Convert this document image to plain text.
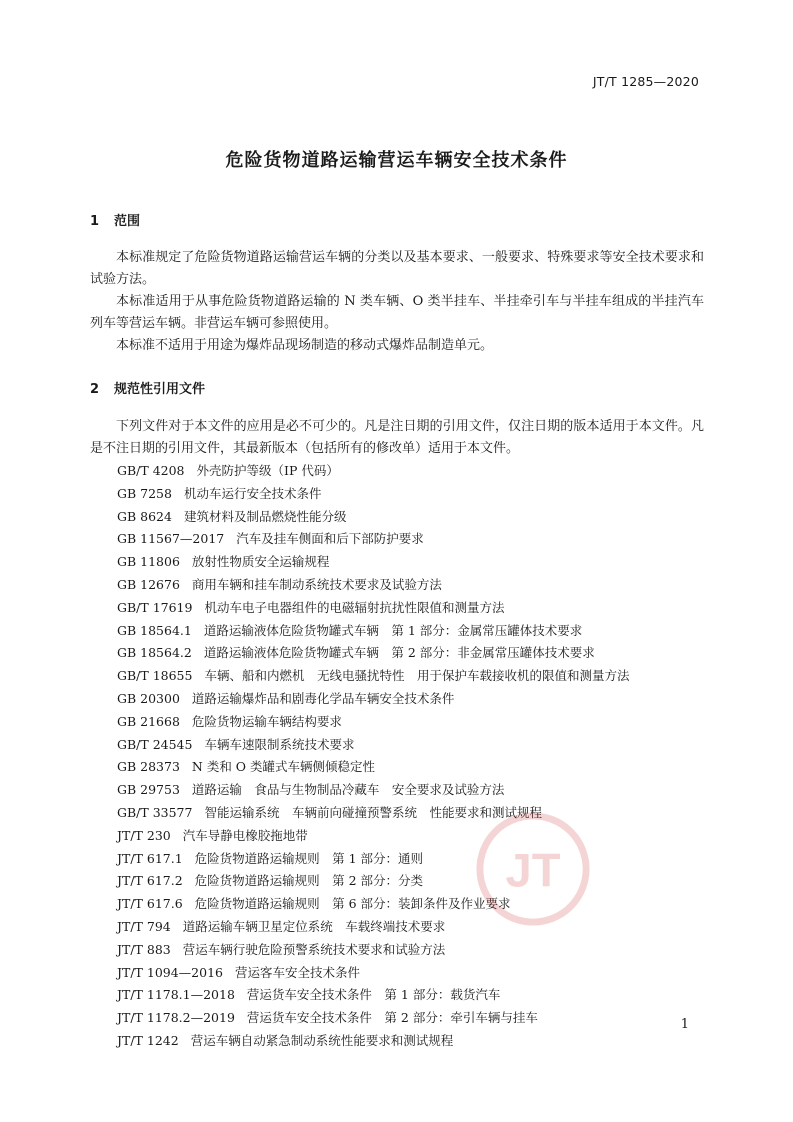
JT/T 1285—2020
危险货物道路运输营运车辆安全技术条件
1 范围

本标准规定了危险货物道路运输营运车辆的分类以及基本要求、一般要求、特殊要求等安全技术要求和试验方法。

本标准适用于从事危险货物道路运输的 N 类车辆、O 类半挂车、半挂牵引车与半挂车组成的半挂汽车列车等营运车辆。非营运车辆可参照使用。

本标准不适用于用途为爆炸品现场制造的移动式爆炸品制造单元。

2 规范性引用文件

下列文件对于本文件的应用是必不可少的。凡是注日期的引用文件，仅注日期的版本适用于本文件。凡是不注日期的引用文件，其最新版本（包括所有的修改单）适用于本文件。

GB/T 4208 外壳防护等级（IP 代码）
GB 7258 机动车运行安全技术条件
GB 8624 建筑材料及制品燃烧性能分级
GB 11567—2017 汽车及挂车侧面和后下部防护要求
GB 11806 放射性物质安全运输规程
GB 12676 商用车辆和挂车制动系统技术要求及试验方法
GB/T 17619 机动车电子电器组件的电磁辐射抗扰性限值和测量方法
GB 18564.1 道路运输液体危险货物罐式车辆　第 1 部分：金属常压罐体技术要求
GB 18564.2 道路运输液体危险货物罐式车辆　第 2 部分：非金属常压罐体技术要求
GB/T 18655 车辆、船和内燃机　无线电骚扰特性　用于保护车载接收机的限值和测量方法
GB 20300 道路运输爆炸品和剧毒化学品车辆安全技术条件
GB 21668 危险货物运输车辆结构要求
GB/T 24545 车辆车速限制系统技术要求
GB 28373 N 类和 O 类罐式车辆侧倾稳定性
GB 29753 道路运输　食品与生物制品冷藏车　安全要求及试验方法
GB/T 33577 智能运输系统　车辆前向碰撞预警系统　性能要求和测试规程
JT/T 230 汽车导静电橡胶拖地带
JT/T 617.1 危险货物道路运输规则　第 1 部分：通则
JT/T 617.2 危险货物道路运输规则　第 2 部分：分类
JT/T 617.6 危险货物道路运输规则　第 6 部分：装卸条件及作业要求
JT/T 794 道路运输车辆卫星定位系统　车载终端技术要求
JT/T 883 营运车辆行驶危险预警系统技术要求和试验方法
JT/T 1094—2016 营运客车安全技术条件
JT/T 1178.1—2018 营运货车安全技术条件　第 1 部分：载货汽车
JT/T 1178.2—2019 营运货车安全技术条件　第 2 部分：牵引车辆与挂车
JT/T 1242 营运车辆自动紧急制动系统性能要求和测试规程
JT
1
